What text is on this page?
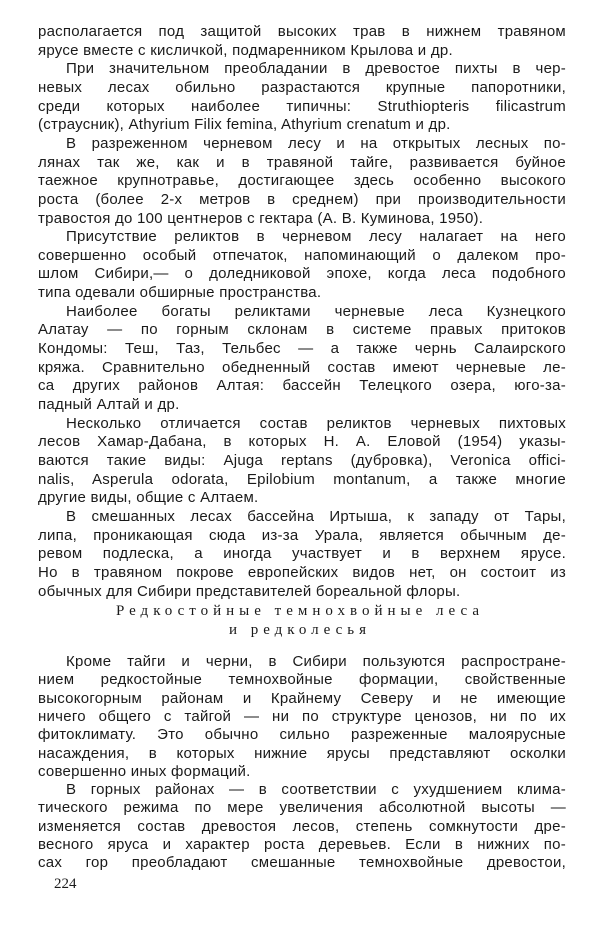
располагается под защитой высоких трав в нижнем травяном
ярусе вместе с кисличкой, подмаренником Крылова и др.
При значительном преобладании в древостое пихты в чер-
невых лесах обильно разрастаются крупные папоротники,
среди которых наиболее типичны: Struthiopteris filicastrum
(страусник), Athyrium Filix femina, Athyrium crenatum и др.
В разреженном черневом лесу и на открытых лесных по-
лянах так же, как и в травяной тайге, развивается буйное
таежное крупнотравье, достигающее здесь особенно высокого
роста (более 2-х метров в среднем) при производительности
травостоя до 100 центнеров с гектара (А. В. Куминова, 1950).
Присутствие реликтов в черневом лесу налагает на него
совершенно особый отпечаток, напоминающий о далеком про-
шлом Сибири,— о доледниковой эпохе, когда леса подобного
типа одевали обширные пространства.
Наиболее богаты реликтами черневые леса Кузнецкого
Алатау — по горным склонам в системе правых притоков
Кондомы: Теш, Таз, Тельбес — а также чернь Салаирского
кряжа. Сравнительно обедненный состав имеют черневые ле-
са других районов Алтая: бассейн Телецкого озера, юго-за-
падный Алтай и др.
Несколько отличается состав реликтов черневых пихтовых
лесов Хамар-Дабана, в которых Н. А. Еловой (1954) указы-
ваются такие виды: Ajuga reptans (дубровка), Veronica offici-
nalis, Asperula odorata, Epilobium montanum, а также многие
другие виды, общие с Алтаем.
В смешанных лесах бассейна Иртыша, к западу от Тары,
липа, проникающая сюда из-за Урала, является обычным де-
ревом подлеска, а иногда участвует и в верхнем ярусе.
Но в травяном покрове европейских видов нет, он состоит из
обычных для Сибири представителей бореальной флоры.
Редкостойные темнохвойные леса
и редколесья
Кроме тайги и черни, в Сибири пользуются распростране-
нием редкостойные темнохвойные формации, свойственные
высокогорным районам и Крайнему Северу и не имеющие
ничего общего с тайгой — ни по структуре ценозов, ни по их
фитоклимату. Это обычно сильно разреженные малоярусные
насаждения, в которых нижние ярусы представляют осколки
совершенно иных формаций.
В горных районах — в соответствии с ухудшением клима-
тического режима по мере увеличения абсолютной высоты —
изменяется состав древостоя лесов, степень сомкнутости дре-
весного яруса и характер роста деревьев. Если в нижних по-
сах гор преобладают смешанные темнохвойные древостои,
224
